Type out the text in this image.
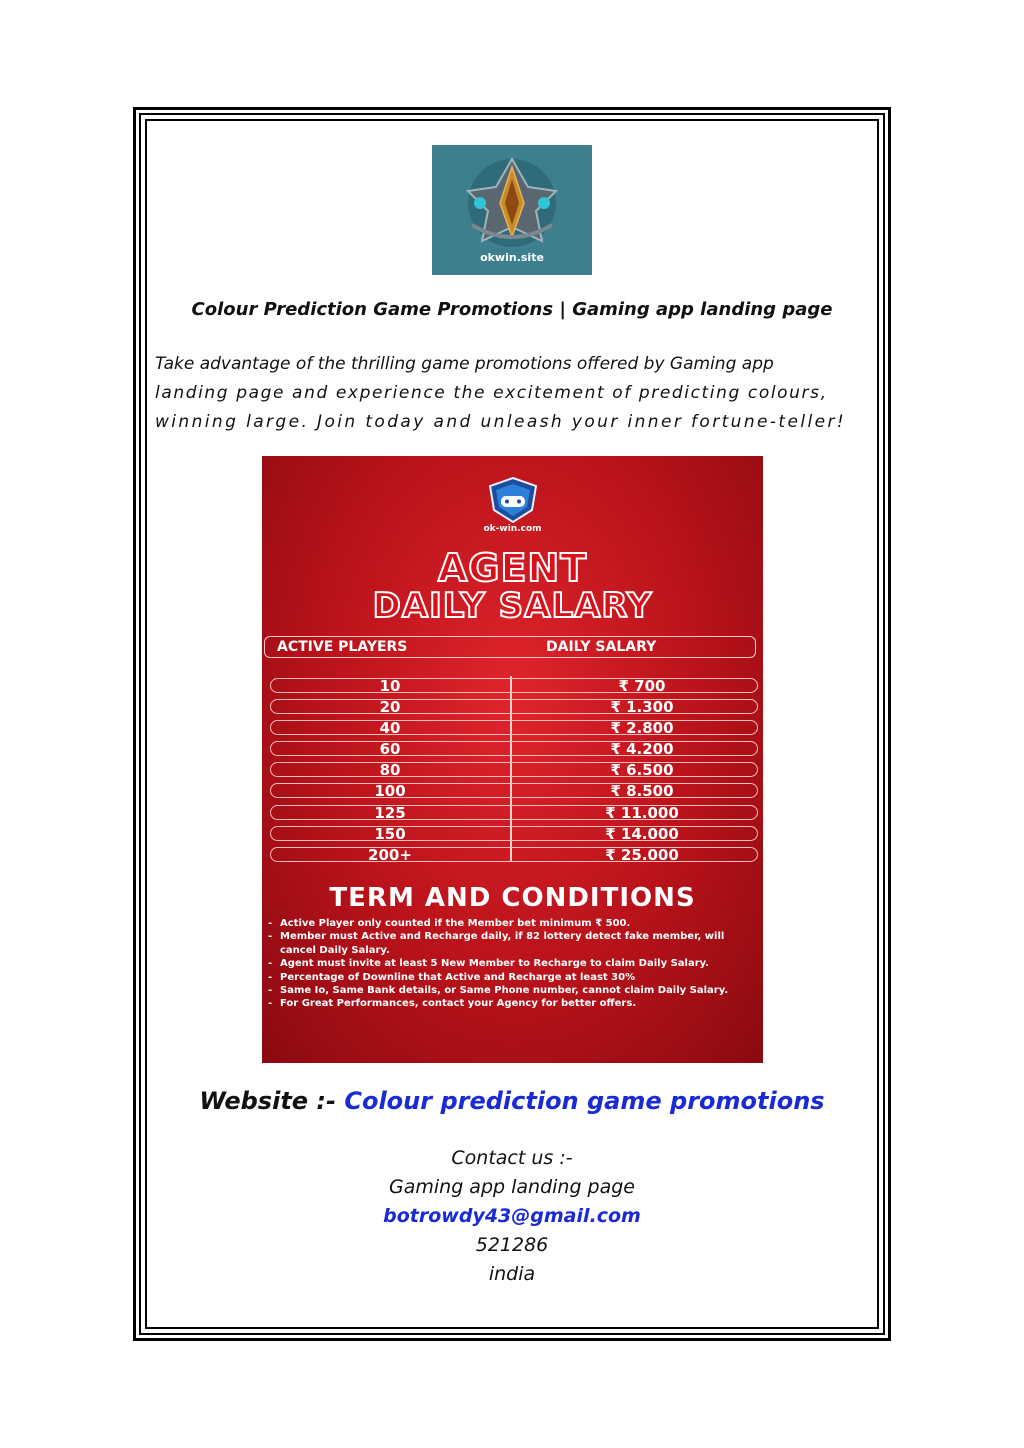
okwin.site
Colour Prediction Game Promotions | Gaming app landing page
Take advantage of the thrilling game promotions offered by Gaming app
landing page and experience the excitement of predicting colours,
winning large. Join today and unleash your inner fortune-teller!
ok-win.com
AGENT
DAILY SALARY
ACTIVE PLAYERS	DAILY SALARY
10	₹ 700
20	₹ 1.300
40	₹ 2.800
60	₹ 4.200
80	₹ 6.500
100	₹ 8.500
125	₹ 11.000
150	₹ 14.000
200+	₹ 25.000
TERM AND CONDITIONS
- Active Player only counted if the Member bet minimum ₹ 500.
- Member must Active and Recharge daily, if 82 lottery detect fake member, will cancel Daily Salary.
- Agent must invite at least 5 New Member to Recharge to claim Daily Salary.
- Percentage of Downline that Active and Recharge at least 30%
- Same Io, Same Bank details, or Same Phone number, cannot claim Daily Salary.
- For Great Performances, contact your Agency for better offers.
Website :- Colour prediction game promotions
Contact us :-
Gaming app landing page
botrowdy43@gmail.com
521286
india
